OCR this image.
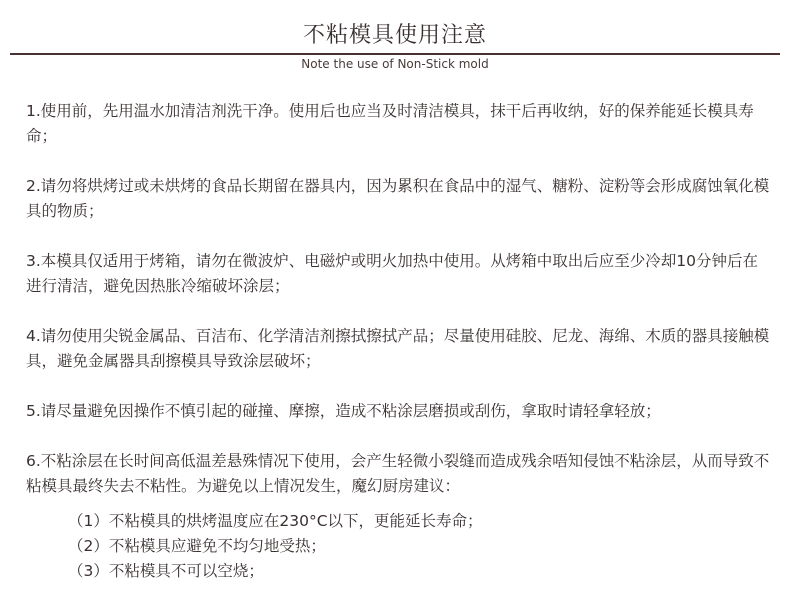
不粘模具使用注意
Note the use of Non-Stick mold

1.使用前，先用温水加清洁剂洗干净。使用后也应当及时清洁模具，抹干后再收纳，好的保养能延长模具寿命；

2.请勿将烘烤过或未烘烤的食品长期留在器具内，因为累积在食品中的湿气、糖粉、淀粉等会形成腐蚀氧化模具的物质；

3.本模具仅适用于烤箱，请勿在微波炉、电磁炉或明火加热中使用。从烤箱中取出后应至少冷却10分钟后在进行清洁，避免因热胀冷缩破坏涂层；

4.请勿使用尖锐金属品、百洁布、化学清洁剂擦拭擦拭产品；尽量使用硅胶、尼龙、海绵、木质的器具接触模具，避免金属器具刮擦模具导致涂层破坏；

5.请尽量避免因操作不慎引起的碰撞、摩擦，造成不粘涂层磨损或刮伤，拿取时请轻拿轻放；

6.不粘涂层在长时间高低温差悬殊情况下使用，会产生轻微小裂缝而造成残余唔知侵蚀不粘涂层，从而导致不粘模具最终失去不粘性。为避免以上情况发生，魔幻厨房建议：

（1）不粘模具的烘烤温度应在230°C以下，更能延长寿命；

（2）不粘模具应避免不均匀地受热；

（3）不粘模具不可以空烧；
